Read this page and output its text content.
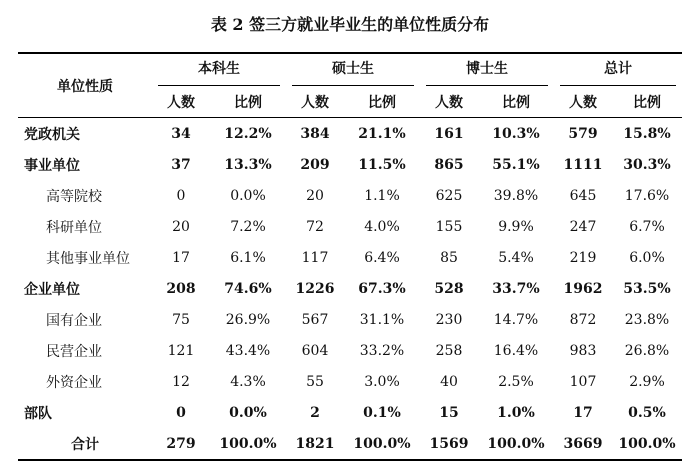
表 2 签三方就业毕业生的单位性质分布
单位性质	本科生		硕士生		博士生		总计	

	人数	比例	人数	比例	人数	比例	人数	比例
党政机关	34	12.2%	384	21.1%	161	10.3%	579	15.8%
事业单位	37	13.3%	209	11.5%	865	55.1%	1111	30.3%
高等院校	0	0.0%	20	1.1%	625	39.8%	645	17.6%
科研单位	20	7.2%	72	4.0%	155	9.9%	247	6.7%
其他事业单位	17	6.1%	117	6.4%	85	5.4%	219	6.0%
企业单位	208	74.6%	1226	67.3%	528	33.7%	1962	53.5%
国有企业	75	26.9%	567	31.1%	230	14.7%	872	23.8%
民营企业	121	43.4%	604	33.2%	258	16.4%	983	26.8%
外资企业	12	4.3%	55	3.0%	40	2.5%	107	2.9%
部队	0	0.0%	2	0.1%	15	1.0%	17	0.5%
合计	279	100.0%	1821	100.0%	1569	100.0%	3669	100.0%
